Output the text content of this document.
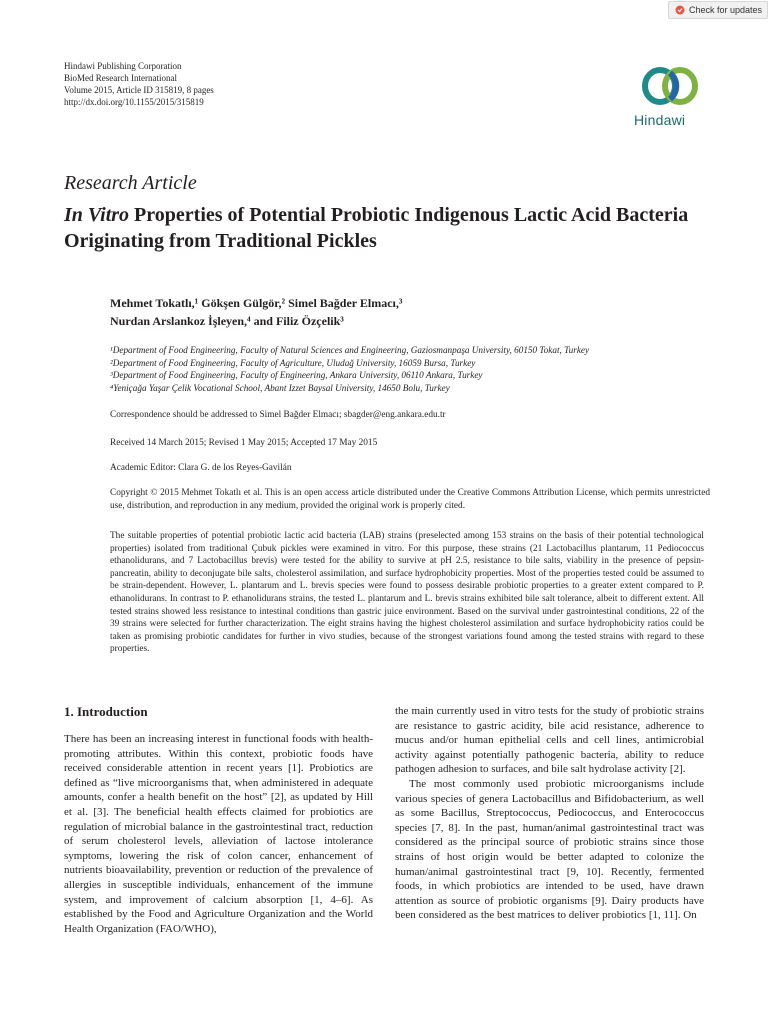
Check for updates
Hindawi Publishing Corporation
BioMed Research International
Volume 2015, Article ID 315819, 8 pages
http://dx.doi.org/10.1155/2015/315819
Hindawi
Research Article
In Vitro Properties of Potential Probiotic Indigenous Lactic Acid Bacteria Originating from Traditional Pickles
Mehmet Tokatlı,¹ Gökşen Gülgör,² Simel Bağder Elmacı,³
Nurdan Arslankoz İşleyen,⁴ and Filiz Özçelik³
¹Department of Food Engineering, Faculty of Natural Sciences and Engineering, Gaziosmanpaşa University, 60150 Tokat, Turkey
²Department of Food Engineering, Faculty of Agriculture, Uludağ University, 16059 Bursa, Turkey
³Department of Food Engineering, Faculty of Engineering, Ankara University, 06110 Ankara, Turkey
⁴Yeniçağa Yaşar Çelik Vocational School, Abant Izzet Baysal University, 14650 Bolu, Turkey
Correspondence should be addressed to Simel Bağder Elmacı; sbagder@eng.ankara.edu.tr
Received 14 March 2015; Revised 1 May 2015; Accepted 17 May 2015
Academic Editor: Clara G. de los Reyes-Gavilán
Copyright © 2015 Mehmet Tokatlı et al. This is an open access article distributed under the Creative Commons Attribution License, which permits unrestricted use, distribution, and reproduction in any medium, provided the original work is properly cited.
The suitable properties of potential probiotic lactic acid bacteria (LAB) strains (preselected among 153 strains on the basis of their potential technological properties) isolated from traditional Çubuk pickles were examined in vitro. For this purpose, these strains (21 Lactobacillus plantarum, 11 Pediococcus ethanolidurans, and 7 Lactobacillus brevis) were tested for the ability to survive at pH 2.5, resistance to bile salts, viability in the presence of pepsin-pancreatin, ability to deconjugate bile salts, cholesterol assimilation, and surface hydrophobicity properties. Most of the properties tested could be assumed to be strain-dependent. However, L. plantarum and L. brevis species were found to possess desirable probiotic properties to a greater extent compared to P. ethanolidurans. In contrast to P. ethanolidurans strains, the tested L. plantarum and L. brevis strains exhibited bile salt tolerance, albeit to different extent. All tested strains showed less resistance to intestinal conditions than gastric juice environment. Based on the survival under gastrointestinal conditions, 22 of the 39 strains were selected for further characterization. The eight strains having the highest cholesterol assimilation and surface hydrophobicity ratios could be taken as promising probiotic candidates for further in vivo studies, because of the strongest variations found among the tested strains with regard to these properties.
1. Introduction

There has been an increasing interest in functional foods with health-promoting attributes. Within this context, probiotic foods have received considerable attention in recent years [1]. Probiotics are defined as “live microorganisms that, when administered in adequate amounts, confer a health benefit on the host” [2], as updated by Hill et al. [3]. The beneficial health effects claimed for probiotics are regulation of microbial balance in the gastrointestinal tract, reduction of serum cholesterol levels, alleviation of lactose intolerance symptoms, lowering the risk of colon cancer, enhancement of nutrients bioavailability, prevention or reduction of the prevalence of allergies in susceptible individuals, enhancement of the immune system, and improvement of calcium absorption [1, 4–6]. As established by the Food and Agriculture Organization and the World Health Organization (FAO/WHO),

the main currently used in vitro tests for the study of probiotic strains are resistance to gastric acidity, bile acid resistance, adherence to mucus and/or human epithelial cells and cell lines, antimicrobial activity against potentially pathogenic bacteria, ability to reduce pathogen adhesion to surfaces, and bile salt hydrolase activity [2].

The most commonly used probiotic microorganisms include various species of genera Lactobacillus and Bifidobacterium, as well as some Bacillus, Streptococcus, Pediococcus, and Enterococcus species [7, 8]. In the past, human/animal gastrointestinal tract was considered as the principal source of probiotic strains since those strains of host origin would be better adapted to colonize the human/animal gastrointestinal tract [9, 10]. Recently, fermented foods, in which probiotics are intended to be used, have drawn attention as source of probiotic organisms [9]. Dairy products have been considered as the best matrices to deliver probiotics [1, 11]. On
